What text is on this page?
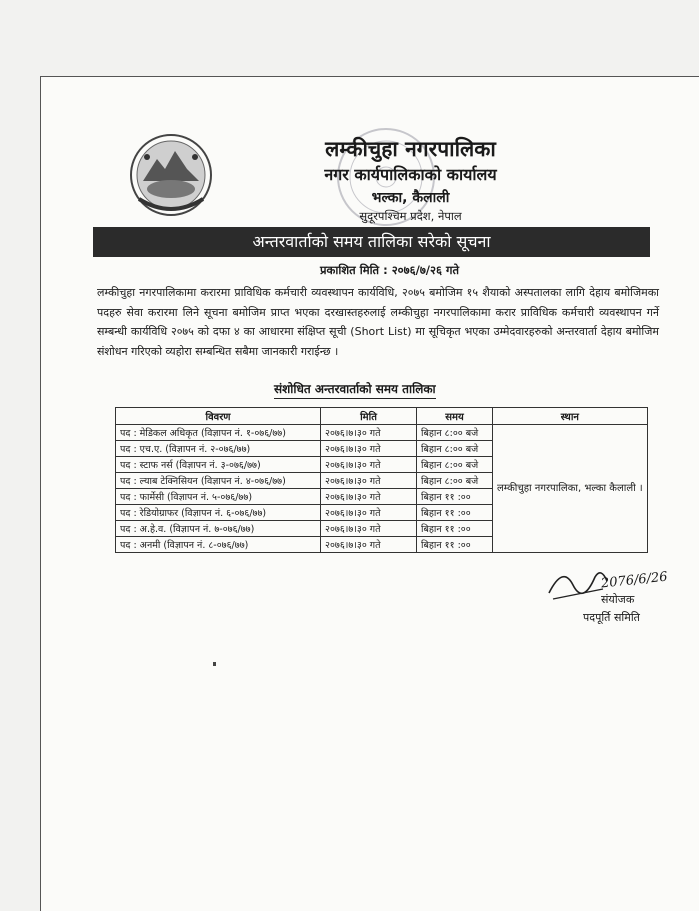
लम्कीचुहा नगरपालिका
नगर कार्यपालिकाको कार्यालय
भल्का, कैलाली
सुदूरपश्चिम प्रदेश, नेपाल
अन्तरवार्ताको समय तालिका सरेको सूचना
प्रकाशित मिति : २०७६/७/२६ गते
लम्कीचुहा नगरपालिकामा करारमा प्राविधिक कर्मचारी व्यवस्थापन कार्यविधि, २०७५ बमोजिम १५ शैयाको अस्पतालका लागि देहाय बमोजिमका पदहरु सेवा करारमा लिने सूचना बमोजिम प्राप्त भएका दरखास्तहरुलाई लम्कीचुहा नगरपालिकामा करार प्राविधिक कर्मचारी व्यवस्थापन गर्ने सम्बन्धी कार्यविधि २०७५ को दफा ४ का आधारमा संक्षिप्त सूची (Short List) मा सूचिकृत भएका उम्मेदवारहरुको अन्तरवार्ता देहाय बमोजिम संशोधन गरिएको व्यहोरा सम्बन्धित सबैमा जानकारी गराईन्छ ।
संशोधित अन्तरवार्ताको समय तालिका
विवरण	मिति	समय	स्थान
पद : मेडिकल अधिकृत (विज्ञापन नं. १-०७६/७७)	२०७६।७।३० गते	बिहान ८:०० बजे	लम्कीचुहा नगरपालिका, भल्का कैलाली ।
पद : एच.ए. (विज्ञापन नं. २-०७६/७७)	२०७६।७।३० गते	बिहान ८:०० बजे	
पद : स्टाफ नर्स (विज्ञापन नं. ३-०७६/७७)	२०७६।७।३० गते	बिहान ८:०० बजे	
पद : ल्याब टेक्निसियन (विज्ञापन नं. ४-०७६/७७)	२०७६।७।३० गते	बिहान ८:०० बजे	
पद : फार्मेसी (विज्ञापन नं. ५-०७६/७७)	२०७६।७।३० गते	बिहान ११ :००	
पद : रेडियोग्राफर (विज्ञापन नं. ६-०७६/७७)	२०७६।७।३० गते	बिहान ११ :००	
पद : अ.हे.व. (विज्ञापन नं. ७-०७६/७७)	२०७६।७।३० गते	बिहान ११ :००	
पद : अनमी (विज्ञापन नं. ८-०७६/७७)	२०७६।७।३० गते	बिहान ११ :००	
2076/6/26
संयोजक
पदपूर्ति समिति
